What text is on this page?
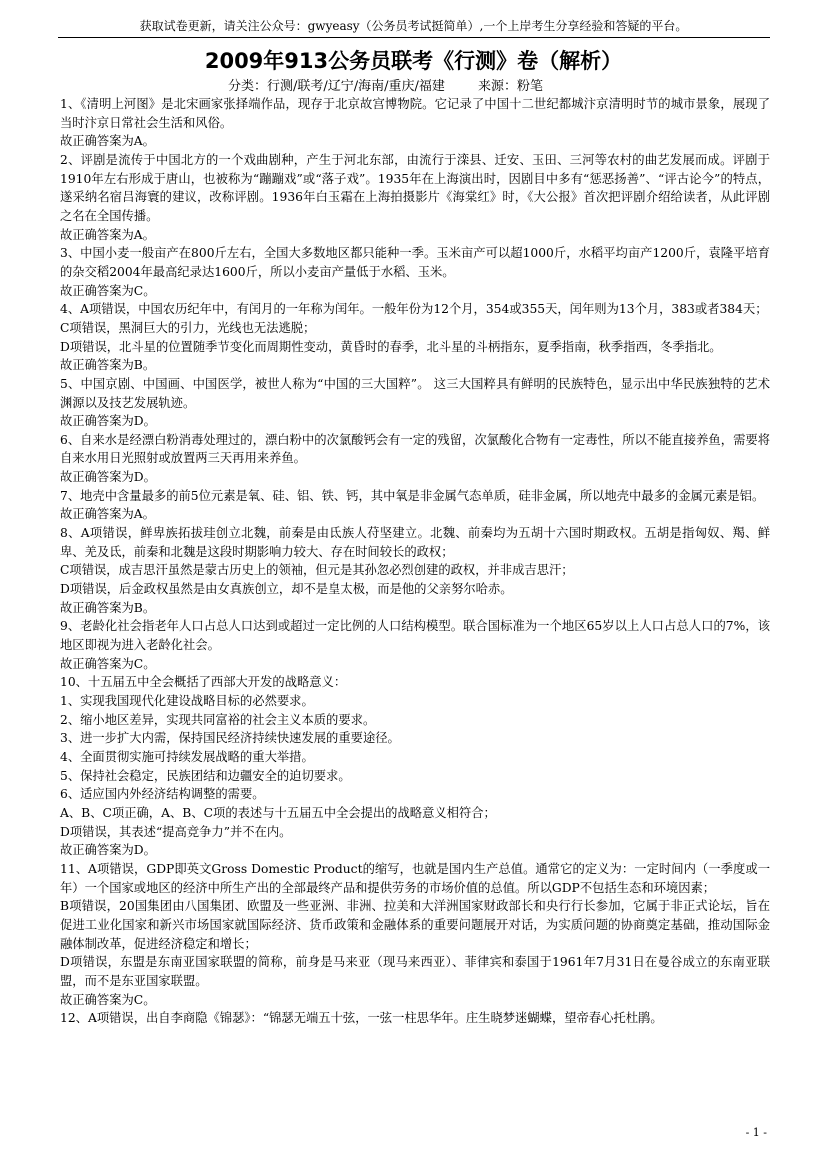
获取试卷更新，请关注公众号：gwyeasy（公务员考试挺简单）,一个上岸考生分享经验和答疑的平台。
2009年913公务员联考《行测》卷（解析）
分类：行测/联考/辽宁/海南/重庆/福建        来源：粉笔

1、《清明上河图》是北宋画家张择端作品，现存于北京故宫博物院。它记录了中国十二世纪都城汴京清明时节的城市景象，展现了当时汴京日常社会生活和风俗。

故正确答案为A。

2、评剧是流传于中国北方的一个戏曲剧种，产生于河北东部，由流行于滦县、迁安、玉田、三河等农村的曲艺发展而成。评剧于1910年左右形成于唐山，也被称为“蹦蹦戏”或“落子戏”。1935年在上海演出时，因剧目中多有“惩恶扬善”、“评古论今”的特点，遂采纳名宿吕海寰的建议，改称评剧。1936年白玉霜在上海拍摄影片《海棠红》时，《大公报》首次把评剧介绍给读者，从此评剧之名在全国传播。

故正确答案为A。

3、中国小麦一般亩产在800斤左右，全国大多数地区都只能种一季。玉米亩产可以超1000斤，水稻平均亩产1200斤，袁隆平培育的杂交稻2004年最高纪录达1600斤，所以小麦亩产量低于水稻、玉米。

故正确答案为C。

4、A项错误，中国农历纪年中，有闰月的一年称为闰年。一般年份为12个月，354或355天，闰年则为13个月，383或者384天；

C项错误，黑洞巨大的引力，光线也无法逃脱；

D项错误，北斗星的位置随季节变化而周期性变动，黄昏时的春季，北斗星的斗柄指东，夏季指南，秋季指西，冬季指北。

故正确答案为B。

5、中国京剧、中国画、中国医学，被世人称为“中国的三大国粹”。 这三大国粹具有鲜明的民族特色，显示出中华民族独特的艺术渊源以及技艺发展轨迹。

故正确答案为D。

6、自来水是经漂白粉消毒处理过的，漂白粉中的次氯酸钙会有一定的残留，次氯酸化合物有一定毒性，所以不能直接养鱼，需要将自来水用日光照射或放置两三天再用来养鱼。

故正确答案为D。

7、地壳中含量最多的前5位元素是氧、硅、铝、铁、钙，其中氧是非金属气态单质，硅非金属，所以地壳中最多的金属元素是铝。

故正确答案为A。

8、A项错误，鲜卑族拓拔珪创立北魏，前秦是由氐族人苻坚建立。北魏、前秦均为五胡十六国时期政权。五胡是指匈奴、羯、鲜卑、羌及氐，前秦和北魏是这段时期影响力较大、存在时间较长的政权；

C项错误，成吉思汗虽然是蒙古历史上的领袖，但元是其孙忽必烈创建的政权，并非成吉思汗；

D项错误，后金政权虽然是由女真族创立，却不是皇太极，而是他的父亲努尔哈赤。

故正确答案为B。

9、老龄化社会指老年人口占总人口达到或超过一定比例的人口结构模型。联合国标准为一个地区65岁以上人口占总人口的7%，该地区即视为进入老龄化社会。

故正确答案为C。

10、十五届五中全会概括了西部大开发的战略意义：

1、实现我国现代化建设战略目标的必然要求。

2、缩小地区差异，实现共同富裕的社会主义本质的要求。

3、进一步扩大内需，保持国民经济持续快速发展的重要途径。

4、全面贯彻实施可持续发展战略的重大举措。

5、保持社会稳定，民族团结和边疆安全的迫切要求。

6、适应国内外经济结构调整的需要。

A、B、C项正确，A、B、C项的表述与十五届五中全会提出的战略意义相符合；

D项错误，其表述“提高竞争力”并不在内。

故正确答案为D。

11、A项错误，GDP即英文Gross Domestic Product的缩写，也就是国内生产总值。通常它的定义为：一定时间内（一季度或一年）一个国家或地区的经济中所生产出的全部最终产品和提供劳务的市场价值的总值。所以GDP不包括生态和环境因素；

B项错误，20国集团由八国集团、欧盟及一些亚洲、非洲、拉美和大洋洲国家财政部长和央行行长参加，它属于非正式论坛，旨在促进工业化国家和新兴市场国家就国际经济、货币政策和金融体系的重要问题展开对话，为实质问题的协商奠定基础，推动国际金融体制改革，促进经济稳定和增长；

D项错误，东盟是东南亚国家联盟的简称，前身是马来亚（现马来西亚）、菲律宾和泰国于1961年7月31日在曼谷成立的东南亚联盟，而不是东亚国家联盟。

故正确答案为C。

12、A项错误，出自李商隐《锦瑟》：“锦瑟无端五十弦，一弦一柱思华年。庄生晓梦迷蝴蝶，望帝春心托杜鹃。

- 1 -
